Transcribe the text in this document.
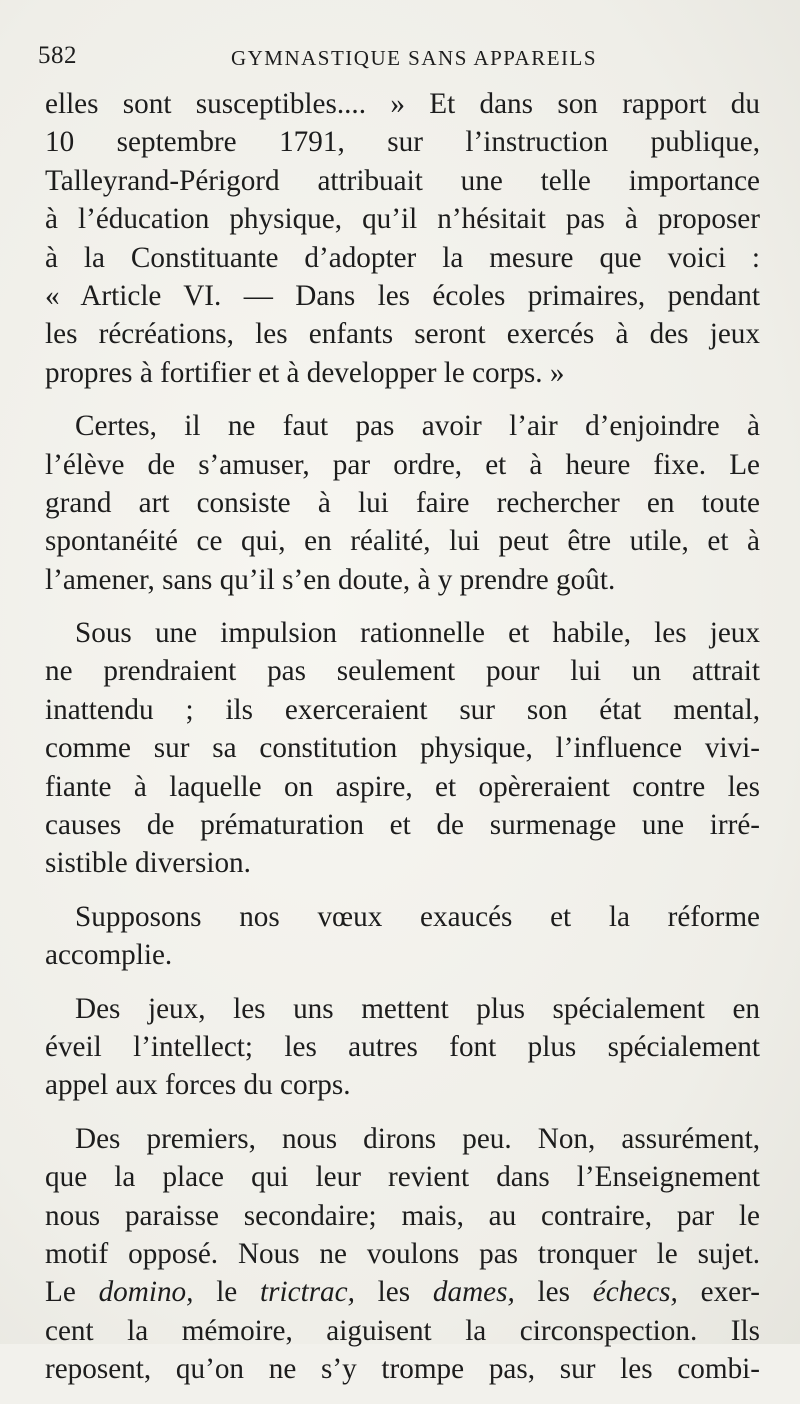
582	GYMNASTIQUE SANS APPAREILS
elles sont susceptibles.... » Et dans son rapport du
10 septembre 1791, sur l’instruction publique,
Talleyrand-Périgord attribuait une telle importance
à l’éducation physique, qu’il n’hésitait pas à proposer
à la Constituante d’adopter la mesure que voici :
« Article VI. — Dans les écoles primaires, pendant
les récréations, les enfants seront exercés à des jeux
propres à fortifier et à developper le corps. »
Certes, il ne faut pas avoir l’air d’enjoindre à
l’élève de s’amuser, par ordre, et à heure fixe. Le
grand art consiste à lui faire rechercher en toute
spontanéité ce qui, en réalité, lui peut être utile, et à
l’amener, sans qu’il s’en doute, à y prendre goût.
Sous une impulsion rationnelle et habile, les jeux
ne prendraient pas seulement pour lui un attrait
inattendu ; ils exerceraient sur son état mental,
comme sur sa constitution physique, l’influence vivi-
fiante à laquelle on aspire, et opèreraient contre les
causes de prématuration et de surmenage une irré-
sistible diversion.
Supposons nos vœux exaucés et la réforme
accomplie.
Des jeux, les uns mettent plus spécialement en
éveil l’intellect; les autres font plus spécialement
appel aux forces du corps.
Des premiers, nous dirons peu. Non, assurément,
que la place qui leur revient dans l’Enseignement
nous paraisse secondaire; mais, au contraire, par le
motif opposé. Nous ne voulons pas tronquer le sujet.
Le domino, le trictrac, les dames, les échecs, exer-
cent la mémoire, aiguisent la circonspection. Ils
reposent, qu’on ne s’y trompe pas, sur les combi-
